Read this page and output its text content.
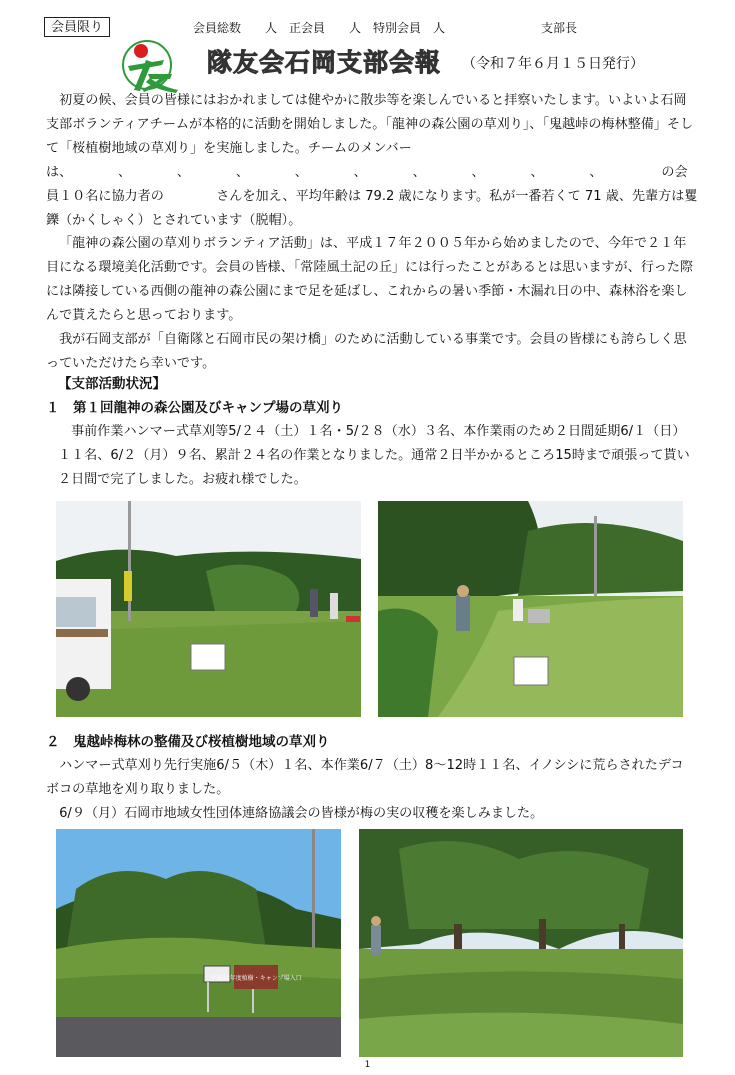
会員限り	会員総数　　人　正会員　　人　特別会員　人　　　　　　　　支部長
隊友会石岡支部会報 （令和７年６月１５日発行）

初夏の候、会員の皆様にはおかれましては健やかに散歩等を楽しんでいると拝察いたします。いよいよ石岡支部ボランティアチームが本格的に活動を開始しました。「龍神の森公園の草刈り」、「鬼越峠の梅林整備」そして「桜植樹地域の草刈り」を実施しました。チームのメンバーは、　　　　、　　　　、　　　　、　　　　、　　　　、　　　　、　　　　、　　　　、　　　　、　　　　　の会員１０名に協力者の　　　　さんを加え、平均年齢は 79.2 歳になります。私が一番若くて 71 歳、先輩方は矍鑠（かくしゃく）とされています（脱帽）。

「龍神の森公園の草刈りボランティア活動」は、平成１７年２００５年から始めましたので、今年で２１年目になる環境美化活動です。会員の皆様、「常陸風土記の丘」には行ったことがあるとは思いますが、行った際には隣接している西側の龍神の森公園にまで足を延ばし、これからの暑い季節・木漏れ日の中、森林浴を楽しんで貰えたらと思っております。

我が石岡支部が「自衛隊と石岡市民の架け橋」のために活動している事業です。会員の皆様にも誇らしく思っていただけたら幸いです。

【支部活動状況】
１　第１回龍神の森公園及びキャンプ場の草刈り

事前作業ハンマー式草刈等5/２４（土）１名・5/２８（水）３名、本作業雨のため２日間延期6/１（日）１１名、6/２（月）９名、累計２４名の作業となりました。通常２日半かかるところ15時まで頑張って貰い２日間で完了しました。お疲れ様でした。

２　鬼越峠梅林の整備及び桜植樹地域の草刈り

ハンマー式草刈り先行実施6/５（木）１名、本作業6/７（土）8～12時１１名、イノシシに荒らされたデコボコの草地を刈り取りました。

6/９（月）石岡市地域女性団体連絡協議会の皆様が梅の実の収穫を楽しみました。

平成31年度植樹・キャンプ場入口
1
